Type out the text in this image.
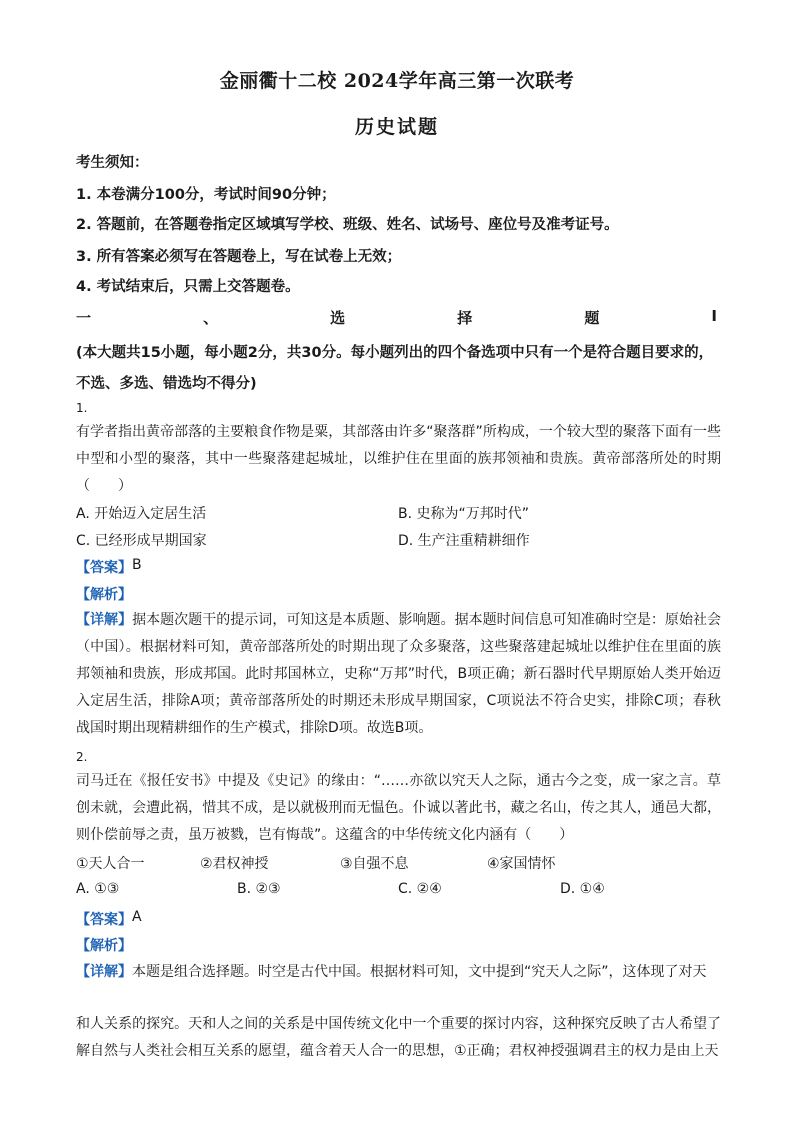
金丽衢十二校 2024学年高三第一次联考
历史试题
考生须知：
1. 本卷满分100分，考试时间90分钟；
2. 答题前，在答题卷指定区域填写学校、班级、姓名、试场号、座位号及准考证号。
3. 所有答案必须写在答题卷上，写在试卷上无效；
4. 考试结束后，只需上交答题卷。
一	、	选	择	题	I
(本大题共15小题，每小题2分，共30分。每小题列出的四个备选项中只有一个是符合题目要求的，不选、多选、错选均不得分)
1.
有学者指出黄帝部落的主要粮食作物是粟，其部落由许多“聚落群”所构成，一个较大型的聚落下面有一些中型和小型的聚落，其中一些聚落建起城址，以维护住在里面的族邦领袖和贵族。黄帝部落所处的时期（　　）
A. 开始迈入定居生活	B. 史称为“万邦时代”
C. 已经形成早期国家	D. 生产注重精耕细作
【答案】 B
【解析】
【详解】据本题次题干的提示词，可知这是本质题、影响题。据本题时间信息可知准确时空是：原始社会（中国）。根据材料可知，黄帝部落所处的时期出现了众多聚落，这些聚落建起城址以维护住在里面的族邦领袖和贵族，形成邦国。此时邦国林立，史称“万邦”时代，B项正确；新石器时代早期原始人类开始迈入定居生活，排除A项；黄帝部落所处的时期还未形成早期国家，C项说法不符合史实，排除C项；春秋战国时期出现精耕细作的生产模式，排除D项。故选B项。
2.
司马迁在《报任安书》中提及《史记》的缘由：“……亦欲以究天人之际，通古今之变，成一家之言。草创未就，会遭此祸，惜其不成，是以就极刑而无愠色。仆诚以著此书，藏之名山，传之其人，通邑大都，则仆偿前辱之责，虽万被戮，岂有悔哉”。这蕴含的中华传统文化内涵有（　　）
①天人合一	②君权神授	③自强不息	④家国情怀
A. ①③	B. ②③	C. ②④	D. ①④
【答案】 A
【解析】
【详解】本题是组合选择题。时空是古代中国。根据材料可知，文中提到“究天人之际”，这体现了对天
和人关系的探究。天和人之间的关系是中国传统文化中一个重要的探讨内容，这种探究反映了古人希望了解自然与人类社会相互关系的愿望，蕴含着天人合一的思想，①正确；君权神授强调君主的权力是由上天
